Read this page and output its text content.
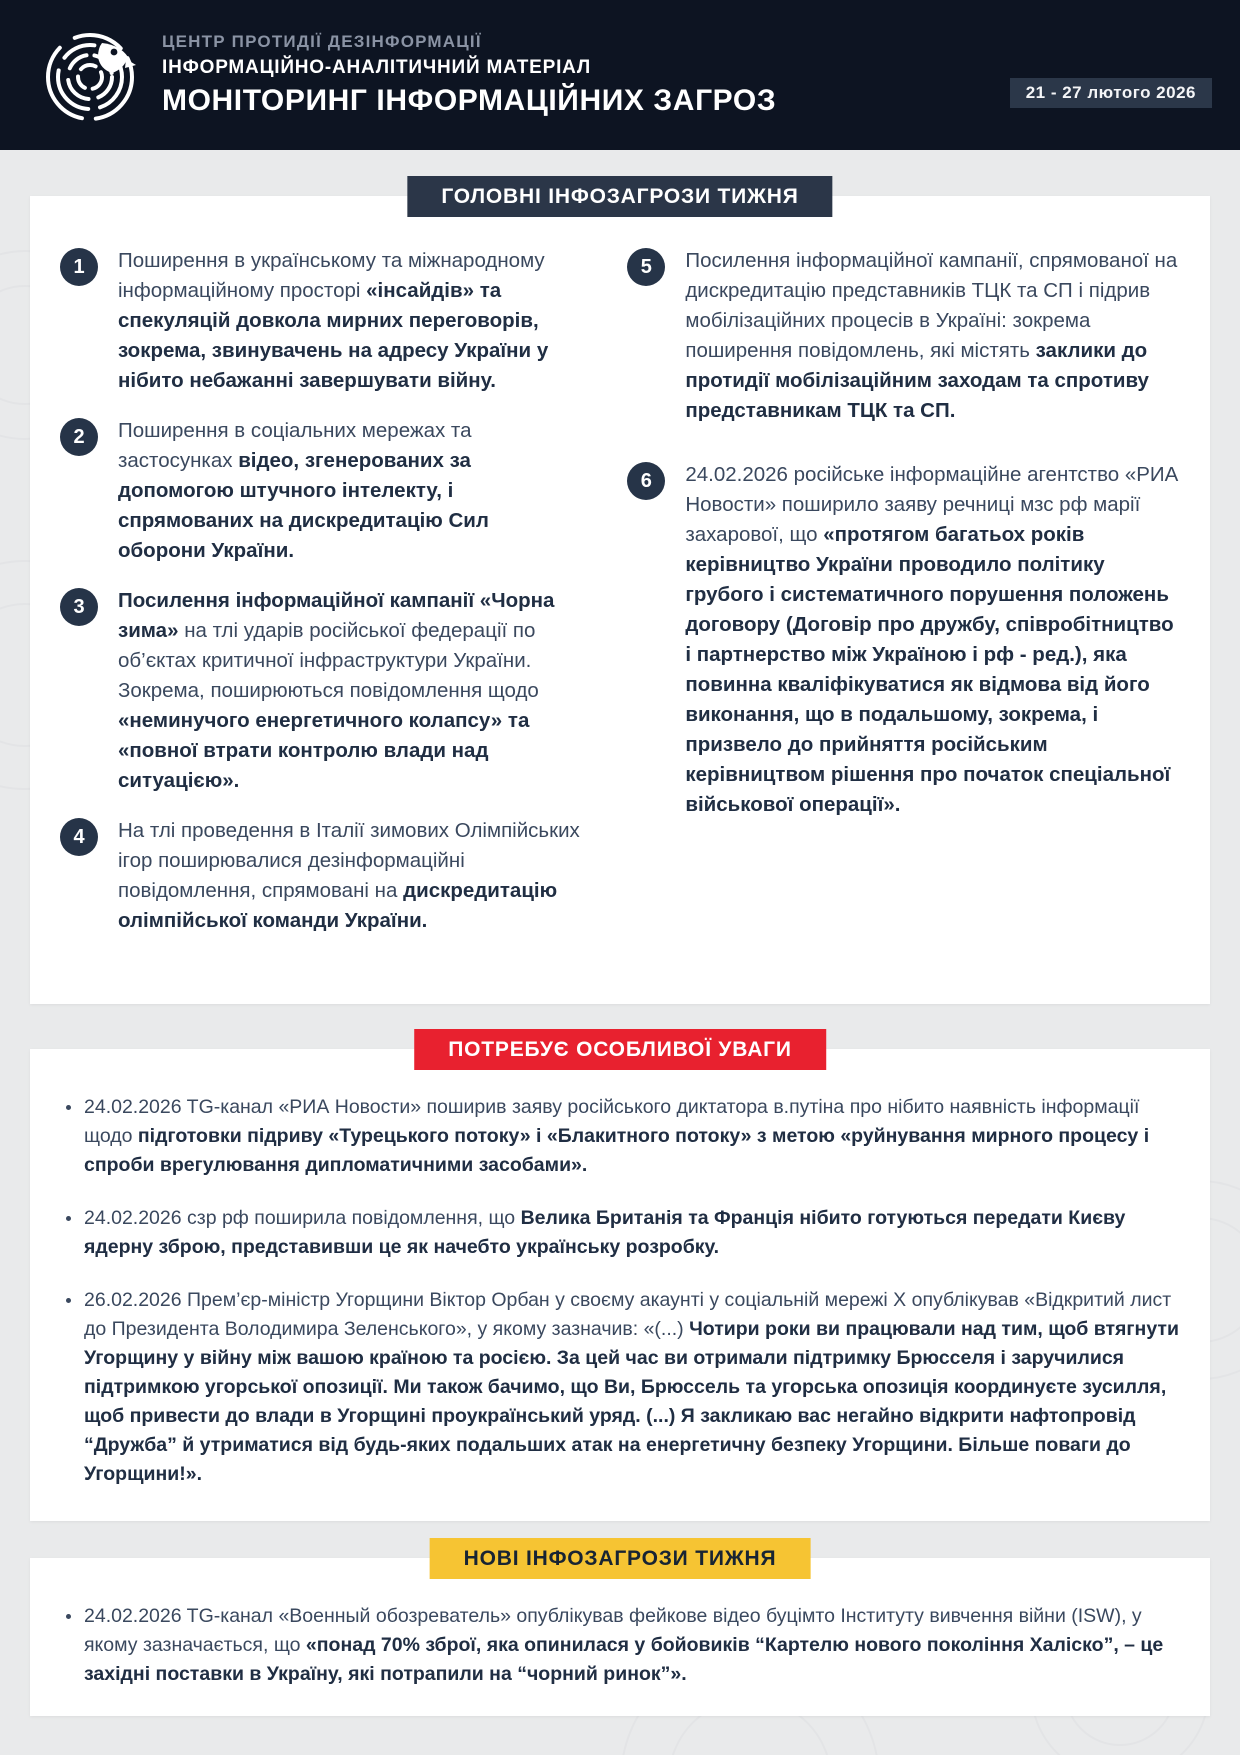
ЦЕНТР ПРОТИДІЇ ДЕЗІНФОРМАЦІЇ
ІНФОРМАЦІЙНО-АНАЛІТИЧНИЙ МАТЕРІАЛ
МОНІТОРИНГ ІНФОРМАЦІЙНИХ ЗАГРОЗ	21 - 27 лютого 2026
ГОЛОВНІ ІНФОЗАГРОЗИ ТИЖНЯ
1	Поширення в українському та міжнародному інформаційному просторі «інсайдів» та спекуляцій довкола мирних переговорів, зокрема, звинувачень на адресу України у нібито небажанні завершувати війну.
2	Поширення в соціальних мережах та застосунках відео, згенерованих за допомогою штучного інтелекту, і спрямованих на дискредитацію Сил оборони України.
3	Посилення інформаційної кампанії «Чорна зима» на тлі ударів російської федерації по об’єктах критичної інфраструктури України. Зокрема, поширюються повідомлення щодо «неминучого енергетичного колапсу» та «повної втрати контролю влади над ситуацією».
4	На тлі проведення в Італії зимових Олімпійських ігор поширювалися дезінформаційні повідомлення, спрямовані на дискредитацію олімпійської команди України.
5	Посилення інформаційної кампанії, спрямованої на дискредитацію представників ТЦК та СП і підрив мобілізаційних процесів в Україні: зокрема поширення повідомлень, які містять заклики до протидії мобілізаційним заходам та спротиву представникам ТЦК та СП.
6	24.02.2026 російське інформаційне агентство «РИА Новости» поширило заяву речниці мзс рф марії захарової, що «протягом багатьох років керівництво України проводило політику грубого і систематичного порушення положень договору (Договір про дружбу, співробітництво і партнерство між Україною і рф - ред.), яка повинна кваліфікуватися як відмова від його виконання, що в подальшому, зокрема, і призвело до прийняття російським керівництвом рішення про початок спеціальної військової операції».
ПОТРЕБУЄ ОСОБЛИВОЇ УВАГИ
24.02.2026 TG-канал «РИА Новости» поширив заяву російського диктатора в.путіна про нібито наявність інформації щодо підготовки підриву «Турецького потоку» і «Блакитного потоку» з метою «руйнування мирного процесу і спроби врегулювання дипломатичними засобами».
24.02.2026 сзр рф поширила повідомлення, що Велика Британія та Франція нібито готуються передати Києву ядерну зброю, представивши це як начебто українську розробку.
26.02.2026 Прем’єр-міністр Угорщини Віктор Орбан у своєму акаунті у соціальній мережі X опублікував «Відкритий лист до Президента Володимира Зеленського», у якому зазначив: «(...) Чотири роки ви працювали над тим, щоб втягнути Угорщину у війну між вашою країною та росією. За цей час ви отримали підтримку Брюсселя і заручилися підтримкою угорської опозиції. Ми також бачимо, що Ви, Брюссель та угорська опозиція координуєте зусилля, щоб привести до влади в Угорщині проукраїнський уряд. (...) Я закликаю вас негайно відкрити нафтопровід “Дружба” й утриматися від будь-яких подальших атак на енергетичну безпеку Угорщини. Більше поваги до Угорщини!».
НОВІ ІНФОЗАГРОЗИ ТИЖНЯ
24.02.2026 TG-канал «Военный обозреватель» опублікував фейкове відео буцімто Інституту вивчення війни (ISW), у якому зазначається, що «понад 70% зброї, яка опинилася у бойовиків “Картелю нового покоління Халіско”, – це західні поставки в Україну, які потрапили на “чорний ринок”».
